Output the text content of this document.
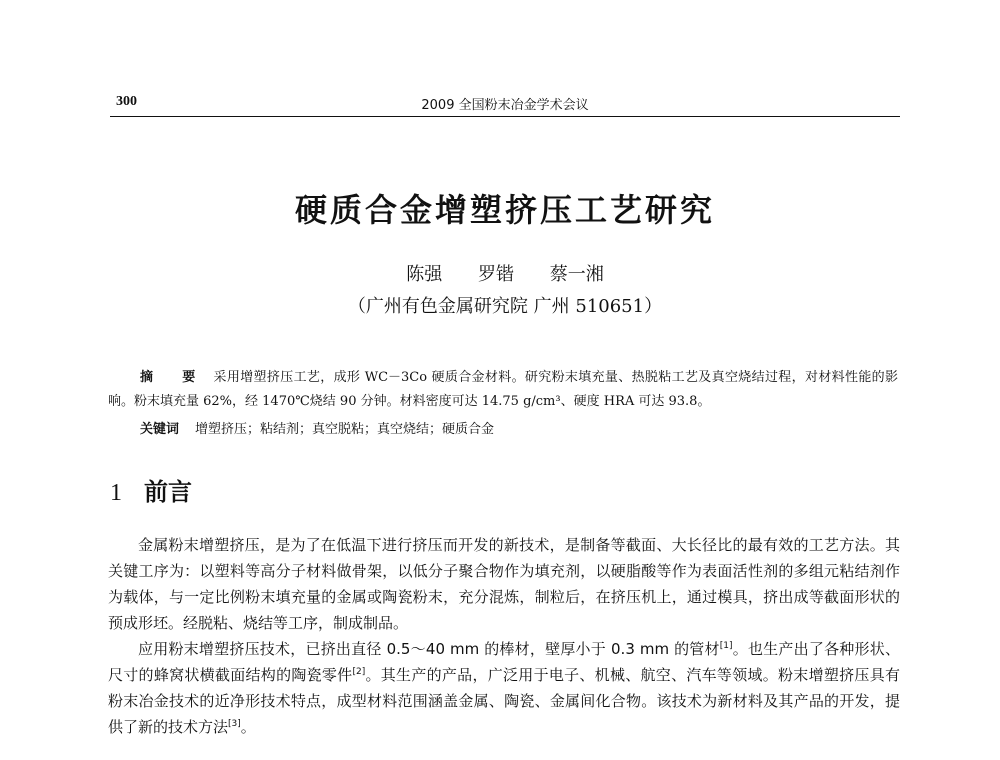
300	2009 全国粉末冶金学术会议
硬质合金增塑挤压工艺研究
陈强 罗锴 蔡一湘
（广州有色金属研究院 广州 510651）
摘 要 采用增塑挤压工艺，成形 WC－3Co 硬质合金材料。研究粉末填充量、热脱粘工艺及真空烧结过程，对材料性能的影响。粉末填充量 62%，经 1470℃烧结 90 分钟。材料密度可达 14.75 g/cm³、硬度 HRA 可达 93.8。
关键词 增塑挤压；粘结剂；真空脱粘；真空烧结；硬质合金
1 前言

金属粉末增塑挤压，是为了在低温下进行挤压而开发的新技术，是制备等截面、大长径比的最有效的工艺方法。其关键工序为：以塑料等高分子材料做骨架，以低分子聚合物作为填充剂，以硬脂酸等作为表面活性剂的多组元粘结剂作为载体，与一定比例粉末填充量的金属或陶瓷粉末，充分混炼，制粒后，在挤压机上，通过模具，挤出成等截面形状的预成形坯。经脱粘、烧结等工序，制成制品。

应用粉末增塑挤压技术，已挤出直径 0.5～40 mm 的棒材，壁厚小于 0.3 mm 的管材[1]。也生产出了各种形状、尺寸的蜂窝状横截面结构的陶瓷零件[2]。其生产的产品，广泛用于电子、机械、航空、汽车等领域。粉末增塑挤压具有粉末冶金技术的近净形技术特点，成型材料范围涵盖金属、陶瓷、金属间化合物。该技术为新材料及其产品的开发，提供了新的技术方法[3]。
